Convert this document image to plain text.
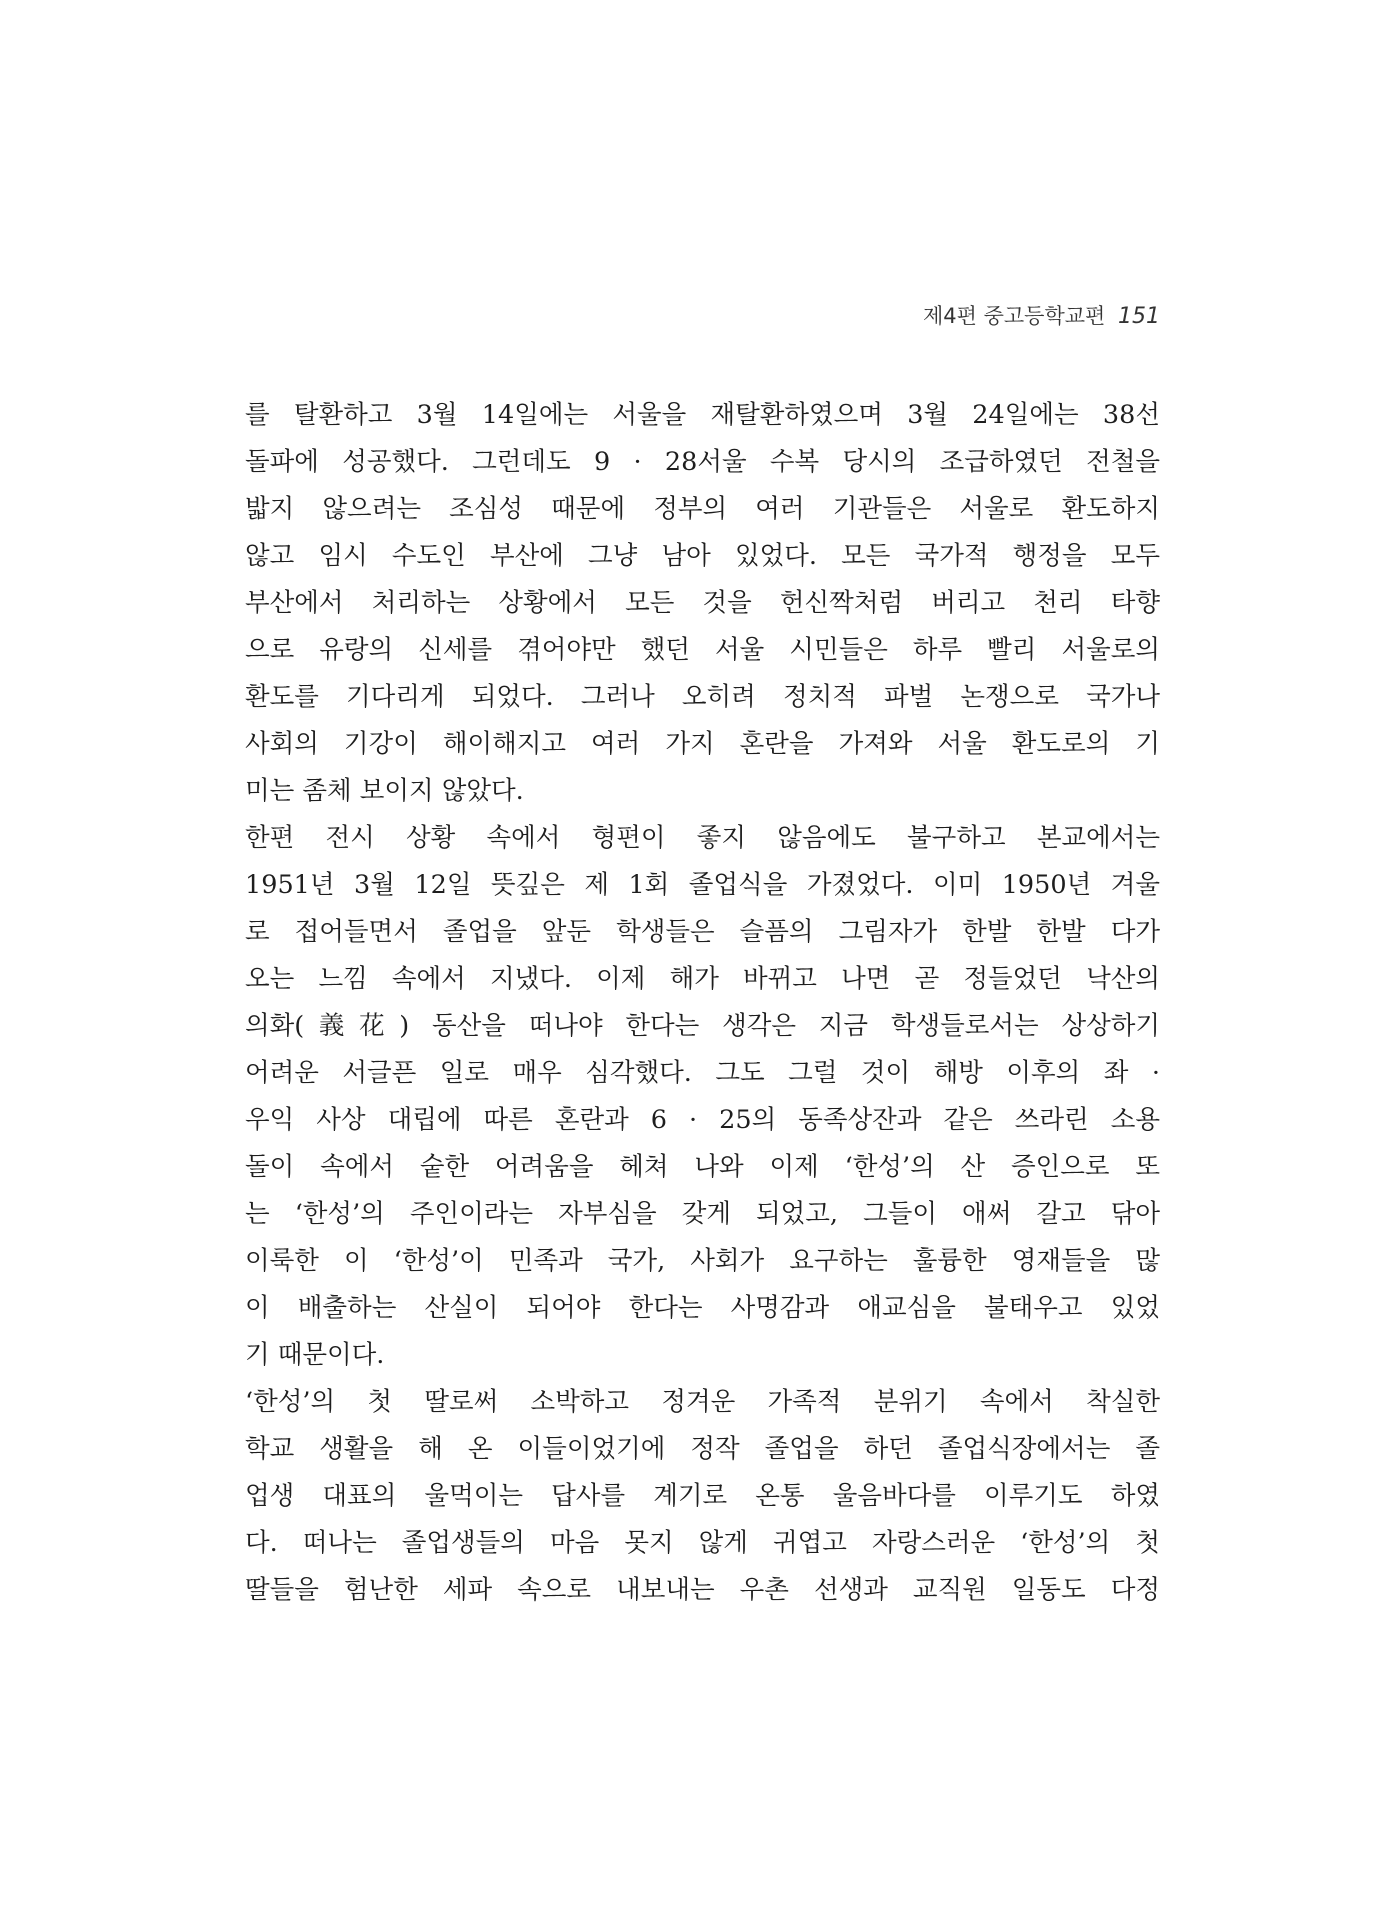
제4편 중고등학교편 151
를 탈환하고 3월 14일에는 서울을 재탈환하였으며 3월 24일에는 38선
돌파에 성공했다. 그런데도 9 · 28서울 수복 당시의 조급하였던 전철을
밟지 않으려는 조심성 때문에 정부의 여러 기관들은 서울로 환도하지
않고 임시 수도인 부산에 그냥 남아 있었다. 모든 국가적 행정을 모두
부산에서 처리하는 상황에서 모든 것을 헌신짝처럼 버리고 천리 타향
으로 유랑의 신세를 겪어야만 했던 서울 시민들은 하루 빨리 서울로의
환도를 기다리게 되었다. 그러나 오히려 정치적 파벌 논쟁으로 국가나
사회의 기강이 해이해지고 여러 가지 혼란을 가져와 서울 환도로의 기
미는 좀체 보이지 않았다.
한편 전시 상황 속에서 형편이 좋지 않음에도 불구하고 본교에서는
1951년 3월 12일 뜻깊은 제 1회 졸업식을 가졌었다. 이미 1950년 겨울
로 접어들면서 졸업을 앞둔 학생들은 슬픔의 그림자가 한발 한발 다가
오는 느낌 속에서 지냈다. 이제 해가 바뀌고 나면 곧 정들었던 낙산의
의화(義花) 동산을 떠나야 한다는 생각은 지금 학생들로서는 상상하기
어려운 서글픈 일로 매우 심각했다. 그도 그럴 것이 해방 이후의 좌 ·
우익 사상 대립에 따른 혼란과 6 · 25의 동족상잔과 같은 쓰라린 소용
돌이 속에서 숱한 어려움을 헤쳐 나와 이제 ‘한성’의 산 증인으로 또
는 ‘한성’의 주인이라는 자부심을 갖게 되었고, 그들이 애써 갈고 닦아
이룩한 이 ‘한성’이 민족과 국가, 사회가 요구하는 훌륭한 영재들을 많
이 배출하는 산실이 되어야 한다는 사명감과 애교심을 불태우고 있었
기 때문이다.
‘한성’의 첫 딸로써 소박하고 정겨운 가족적 분위기 속에서 착실한
학교 생활을 해 온 이들이었기에 정작 졸업을 하던 졸업식장에서는 졸
업생 대표의 울먹이는 답사를 계기로 온통 울음바다를 이루기도 하였
다. 떠나는 졸업생들의 마음 못지 않게 귀엽고 자랑스러운 ‘한성’의 첫
딸들을 험난한 세파 속으로 내보내는 우촌 선생과 교직원 일동도 다정
